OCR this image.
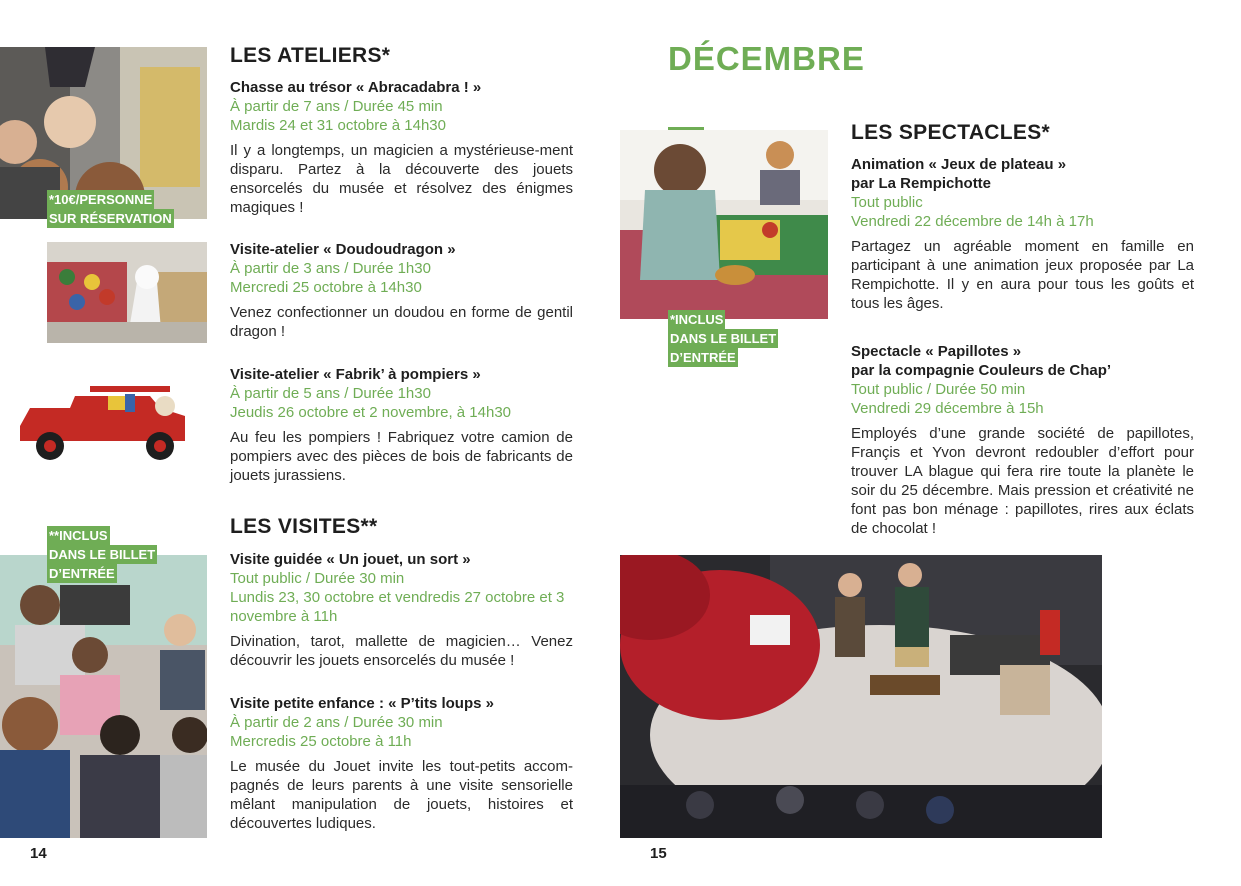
*10€/PERSONNE
SUR RÉSERVATION
**INCLUS
DANS LE BILLET
D’ENTRÉE
LES ATELIERS*
Chasse au trésor « Abracadabra ! »
À partir de 7 ans / Durée 45 min
Mardis 24 et 31 octobre à 14h30
Il y a longtemps, un magicien a mystérieuse-ment disparu. Partez à la découverte des jouets ensorcelés du musée et résolvez des énigmes magiques !
Visite-atelier « Doudoudragon »
À partir de 3 ans / Durée 1h30
Mercredi 25 octobre à 14h30
Venez confectionner un doudou en forme de gentil dragon !
Visite-atelier « Fabrik’ à pompiers »
À partir de 5 ans / Durée 1h30
Jeudis 26 octobre et 2 novembre, à 14h30
Au feu les pompiers ! Fabriquez votre camion de pompiers avec des pièces de bois de fabricants de jouets jurassiens.
LES VISITES**
Visite guidée « Un jouet, un sort »
Tout public / Durée 30 min
Lundis 23, 30 octobre et vendredis 27 octobre et 3 novembre à 11h
Divination, tarot, mallette de magicien… Venez découvrir les jouets ensorcelés du musée !
Visite petite enfance : « P’tits loups »
À partir de 2 ans / Durée 30 min
Mercredis 25 octobre à 11h
Le musée du Jouet invite les tout-petits accom-pagnés de leurs parents à une visite sensorielle mêlant manipulation de jouets, histoires et découvertes ludiques.
14
DÉCEMBRE
*INCLUS
DANS LE BILLET
D’ENTRÉE
LES SPECTACLES*
Animation « Jeux de plateau »
par La Rempichotte
Tout public
Vendredi 22 décembre de 14h à 17h
Partagez un agréable moment en famille en participant à une animation jeux proposée par La Rempichotte. Il y en aura pour tous les goûts et tous les âges.
Spectacle « Papillotes »
par la compagnie Couleurs de Chap’
Tout public / Durée 50 min
Vendredi 29 décembre à 15h
Employés d’une grande société de papillotes, Françis et Yvon devront redoubler d’effort pour trouver LA blague qui fera rire toute la planète le soir du 25 décembre. Mais pression et créativité ne font pas bon ménage : papillotes, rires aux éclats de chocolat !
15
